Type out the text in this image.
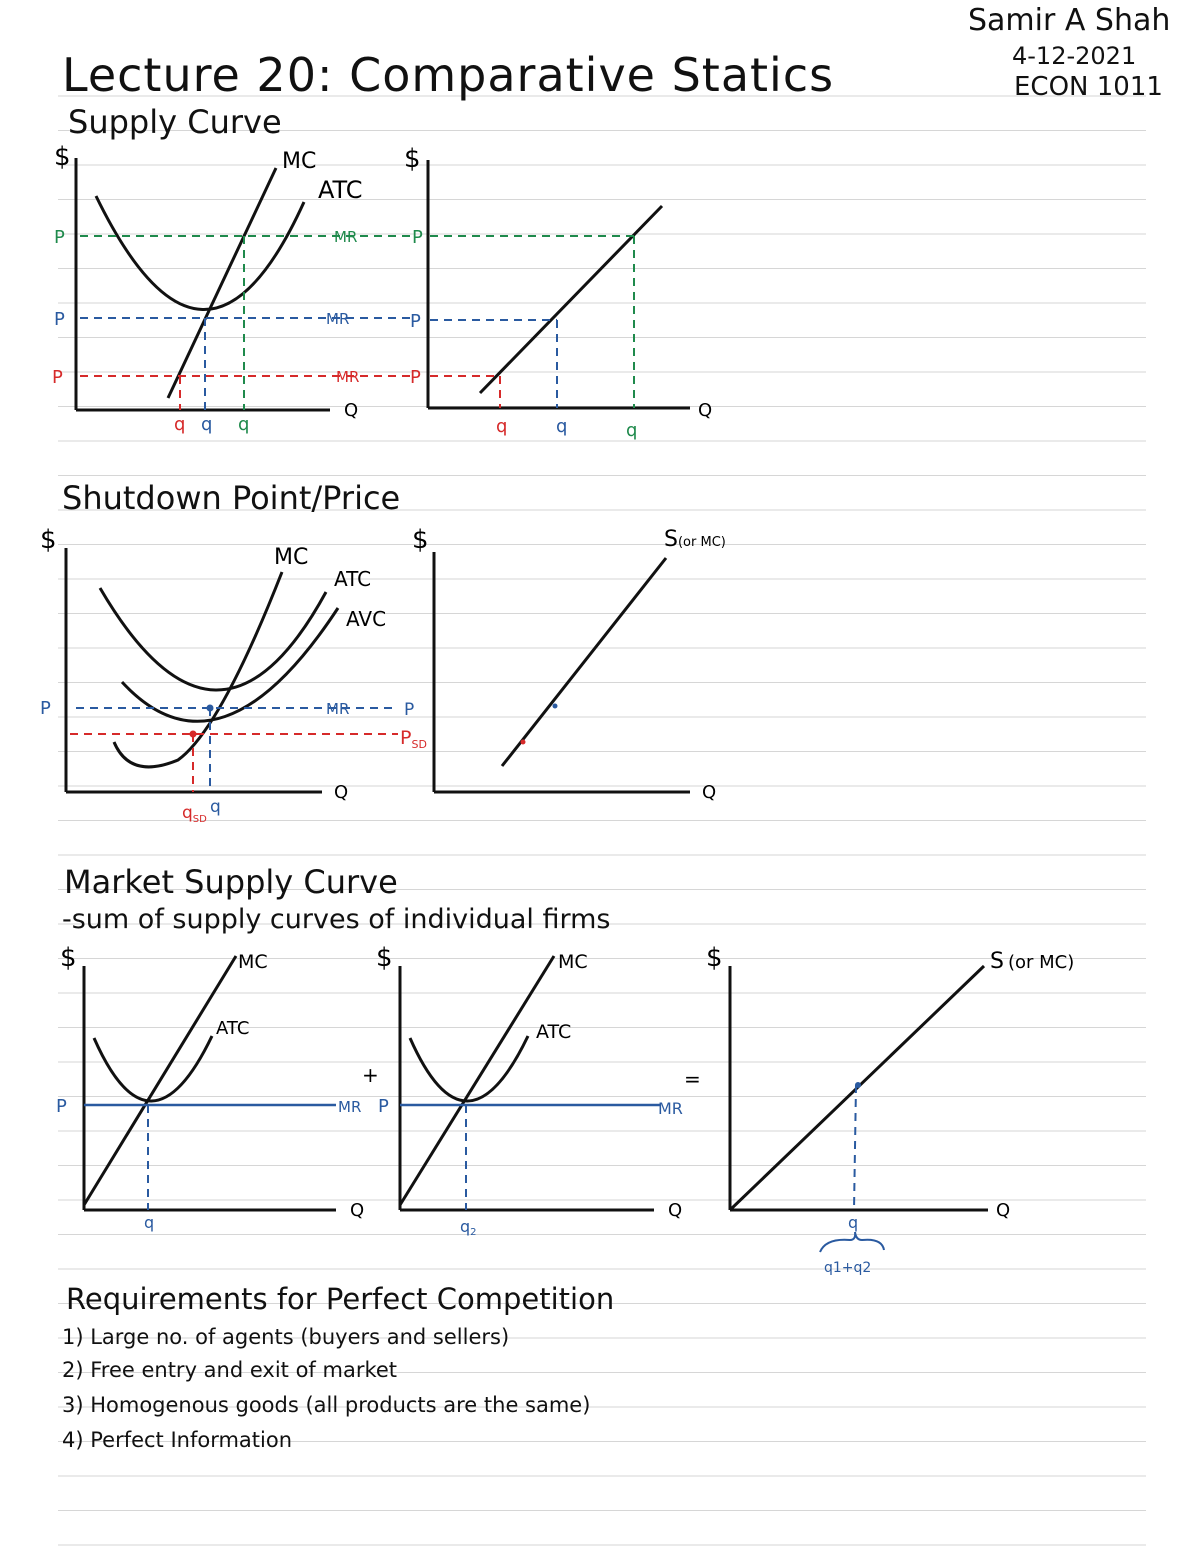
Lecture 20: Comparative Statics
Samir A Shah
4-12-2021
ECON 1011
Supply Curve
Shutdown Point/Price
Market Supply Curve
-sum of supply curves of individual firms
Requirements for Perfect Competition
1) Large no. of agents (buyers and sellers)
2) Free entry and exit of market
3) Homogenous goods (all products are the same)
4) Perfect Information
$
Q
MC
ATC
P
P
P
MR
MR
MR
q q q
$
Q
P
P
P
q	q	q
$
Q
MC
ATC
AVC
P	MR	P
$P_{SD}$
$q_{SD}$
q
$
Q
S(or MC)
$
Q
MC
ATC
P	MR
q
+
$
Q
MC
ATC
P	MR
q2
=
$
Q
S (or MC)
q
q1+q2
